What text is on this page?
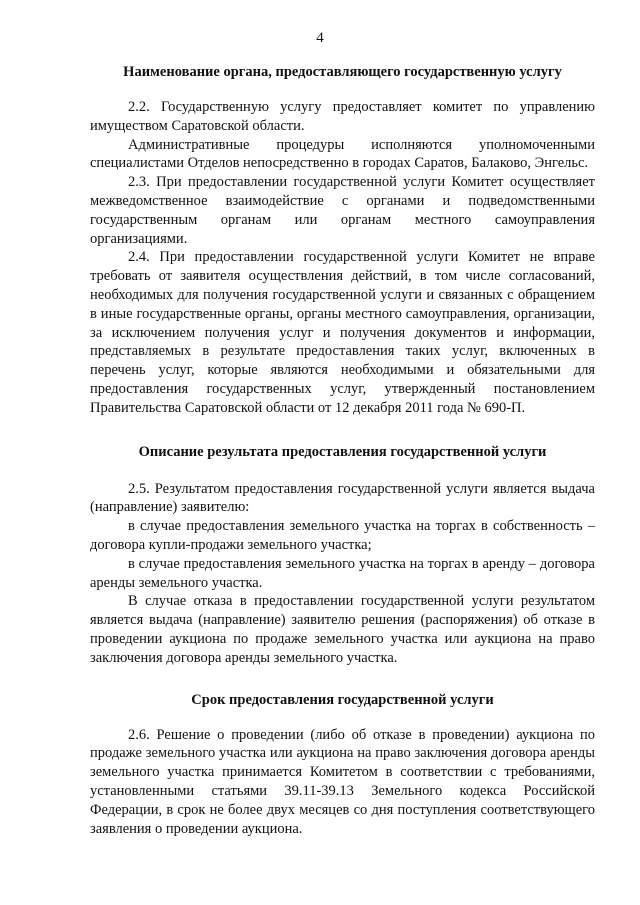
4
Наименование органа, предоставляющего государственную услугу

2.2. Государственную услугу предоставляет комитет по управлению имуществом Саратовской области.

Административные процедуры исполняются уполномоченными специалистами Отделов непосредственно в городах Саратов, Балаково, Энгельс.

2.3. При предоставлении государственной услуги Комитет осуществляет межведомственное взаимодействие с органами и подведомственными государственным органам или органам местного самоуправления организациями.

2.4. При предоставлении государственной услуги Комитет не вправе требовать от заявителя осуществления действий, в том числе согласований, необходимых для получения государственной услуги и связанных с обращением в иные государственные органы, органы местного самоуправления, организации, за исключением получения услуг и получения документов и информации, представляемых в результате предоставления таких услуг, включенных в перечень услуг, которые являются необходимыми и обязательными для предоставления государственных услуг, утвержденный постановлением Правительства Саратовской области от 12 декабря 2011 года № 690-П.

Описание результата предоставления государственной услуги

2.5. Результатом предоставления государственной услуги является выдача (направление) заявителю:

в случае предоставления земельного участка на торгах в собственность – договора купли-продажи земельного участка;

в случае предоставления земельного участка на торгах в аренду – договора аренды земельного участка.

В случае отказа в предоставлении государственной услуги результатом является выдача (направление) заявителю решения (распоряжения) об отказе в проведении аукциона по продаже земельного участка или аукциона на право заключения договора аренды земельного участка.

Срок предоставления государственной услуги

2.6. Решение о проведении (либо об отказе в проведении) аукциона по продаже земельного участка или аукциона на право заключения договора аренды земельного участка принимается Комитетом в соответствии с требованиями, установленными статьями 39.11-39.13 Земельного кодекса Российской Федерации, в срок не более двух месяцев со дня поступления соответствующего заявления о проведении аукциона.
